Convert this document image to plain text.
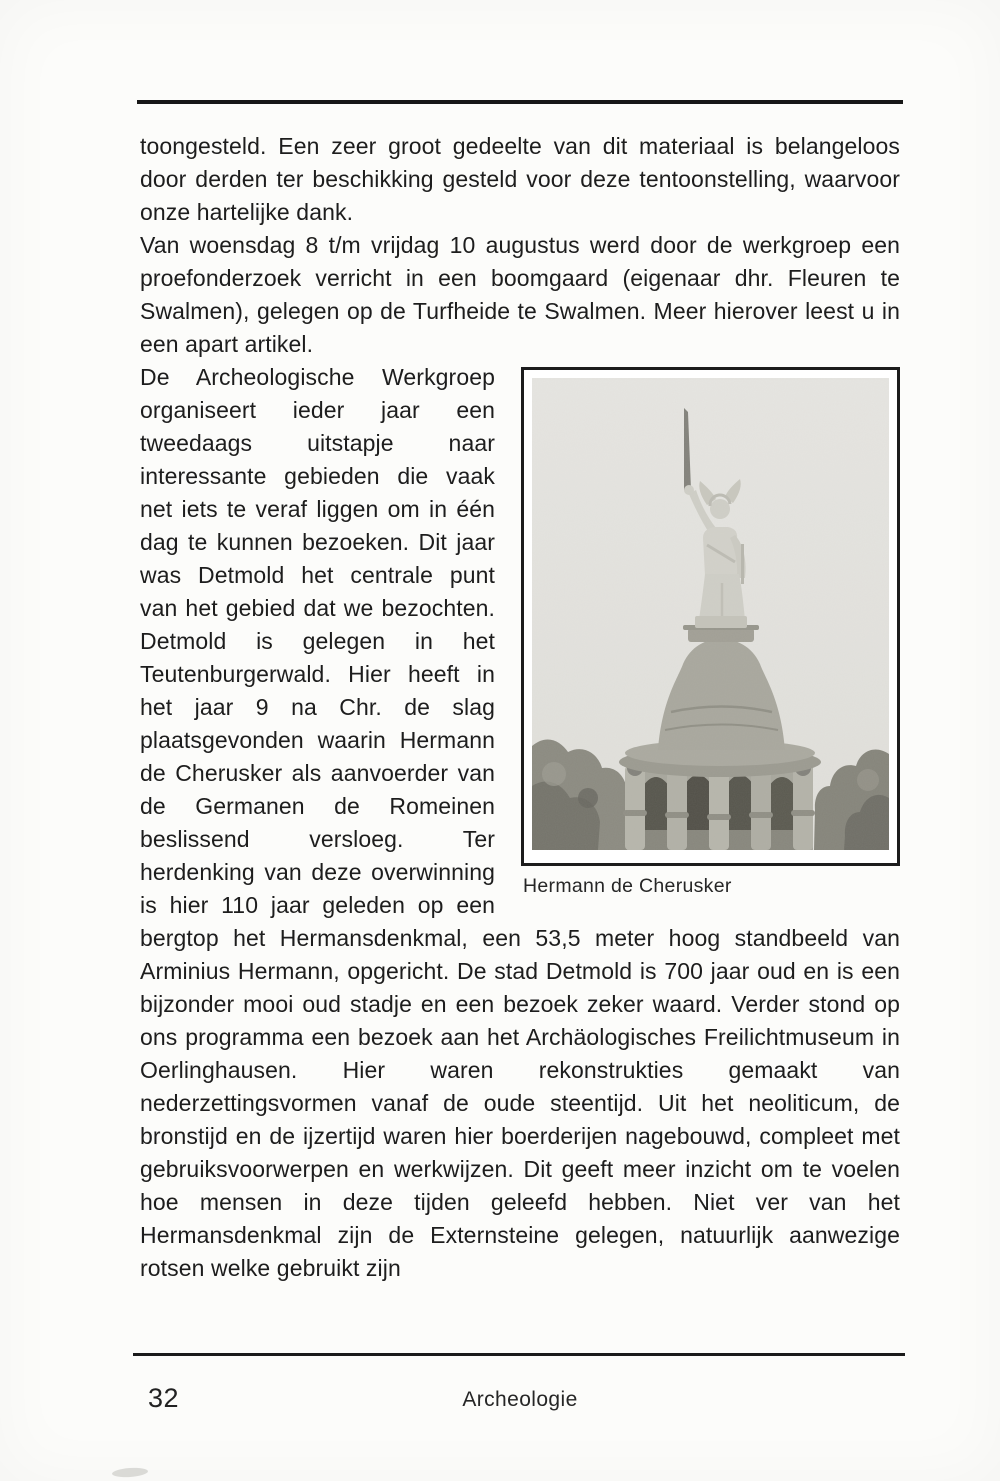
toongesteld. Een zeer groot gedeelte van dit materiaal is belangeloos door derden ter beschikking gesteld voor deze tentoonstelling, waarvoor onze hartelijke dank.

Van woensdag 8 t/m vrijdag 10 augustus werd door de werkgroep een proefonderzoek verricht in een boomgaard (eigenaar dhr. Fleuren te Swalmen), gelegen op de Turfheide te Swalmen. Meer hierover leest u in een apart artikel.

Hermann de Cherusker

De Archeologische Werkgroep organiseert ieder jaar een tweedaags uitstapje naar interessante gebieden die vaak net iets te veraf liggen om in één dag te kunnen bezoeken. Dit jaar was Detmold het centrale punt van het gebied dat we bezochten. Detmold is gelegen in het Teutenburgerwald. Hier heeft in het jaar 9 na Chr. de slag plaatsgevonden waarin Hermann de Cherusker als aanvoerder van de Germanen de Romeinen beslissend versloeg. Ter herdenking van deze overwinning is hier 110 jaar geleden op een bergtop het Hermansdenkmal, een 53,5 meter hoog standbeeld van Arminius Hermann, opgericht. De stad Detmold is 700 jaar oud en is een bijzonder mooi oud stadje en een bezoek zeker waard. Verder stond op ons programma een bezoek aan het Archäologisches Freilichtmuseum in Oerlinghausen. Hier waren rekonstrukties gemaakt van nederzettingsvormen vanaf de oude steentijd. Uit het neoliticum, de bronstijd en de ijzertijd waren hier boerderijen nagebouwd, compleet met gebruiksvoorwerpen en werkwijzen. Dit geeft meer inzicht om te voelen hoe mensen in deze tijden geleefd hebben. Niet ver van het Hermansdenkmal zijn de Externsteine gelegen, natuurlijk aanwezige rotsen welke gebruikt zijn

32	Archeologie
